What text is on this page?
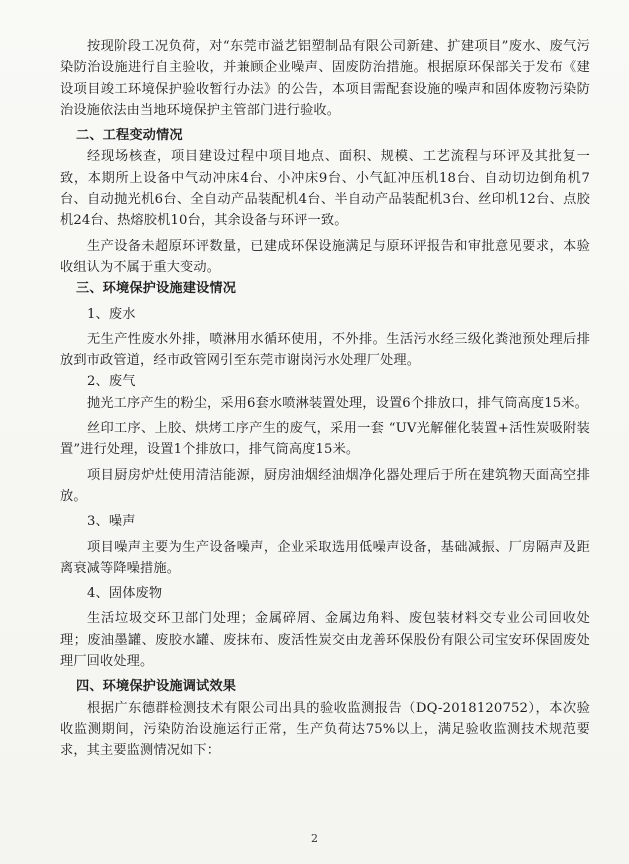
按现阶段工况负荷，对“东莞市溢艺铝塑制品有限公司新建、扩建项目”废水、废气污染防治设施进行自主验收，并兼顾企业噪声、固废防治措施。根据原环保部关于发布《建设项目竣工环境保护验收暂行办法》的公告，本项目需配套设施的噪声和固体废物污染防治设施依法由当地环境保护主管部门进行验收。

二、工程变动情况

经现场核查，项目建设过程中项目地点、面积、规模、工艺流程与环评及其批复一致，本期所上设备中气动冲床4台、小冲床9台、小气缸冲压机18台、自动切边倒角机7台、自动抛光机6台、全自动产品装配机4台、半自动产品装配机3台、丝印机12台、点胶机24台、热熔胶机10台，其余设备与环评一致。

生产设备未超原环评数量，已建成环保设施满足与原环评报告和审批意见要求，本验收组认为不属于重大变动。

三、环境保护设施建设情况

1、废水

无生产性废水外排，喷淋用水循环使用，不外排。生活污水经三级化粪池预处理后排放到市政管道，经市政管网引至东莞市谢岗污水处理厂处理。

2、废气

抛光工序产生的粉尘，采用6套水喷淋装置处理，设置6个排放口，排气筒高度15米。

丝印工序、上胶、烘烤工序产生的废气，采用一套 “UV光解催化装置+活性炭吸附装置”进行处理，设置1个排放口，排气筒高度15米。

项目厨房炉灶使用清洁能源，厨房油烟经油烟净化器处理后于所在建筑物天面高空排放。

3、噪声

项目噪声主要为生产设备噪声，企业采取选用低噪声设备，基础减振、厂房隔声及距离衰减等降噪措施。

4、固体废物

生活垃圾交环卫部门处理；金属碎屑、金属边角料、废包装材料交专业公司回收处理；废油墨罐、废胶水罐、废抹布、废活性炭交由龙善环保股份有限公司宝安环保固废处理厂回收处理。

四、环境保护设施调试效果

根据广东德群检测技术有限公司出具的验收监测报告（DQ-2018120752），本次验收监测期间，污染防治设施运行正常，生产负荷达75%以上，满足验收监测技术规范要求，其主要监测情况如下：

2
